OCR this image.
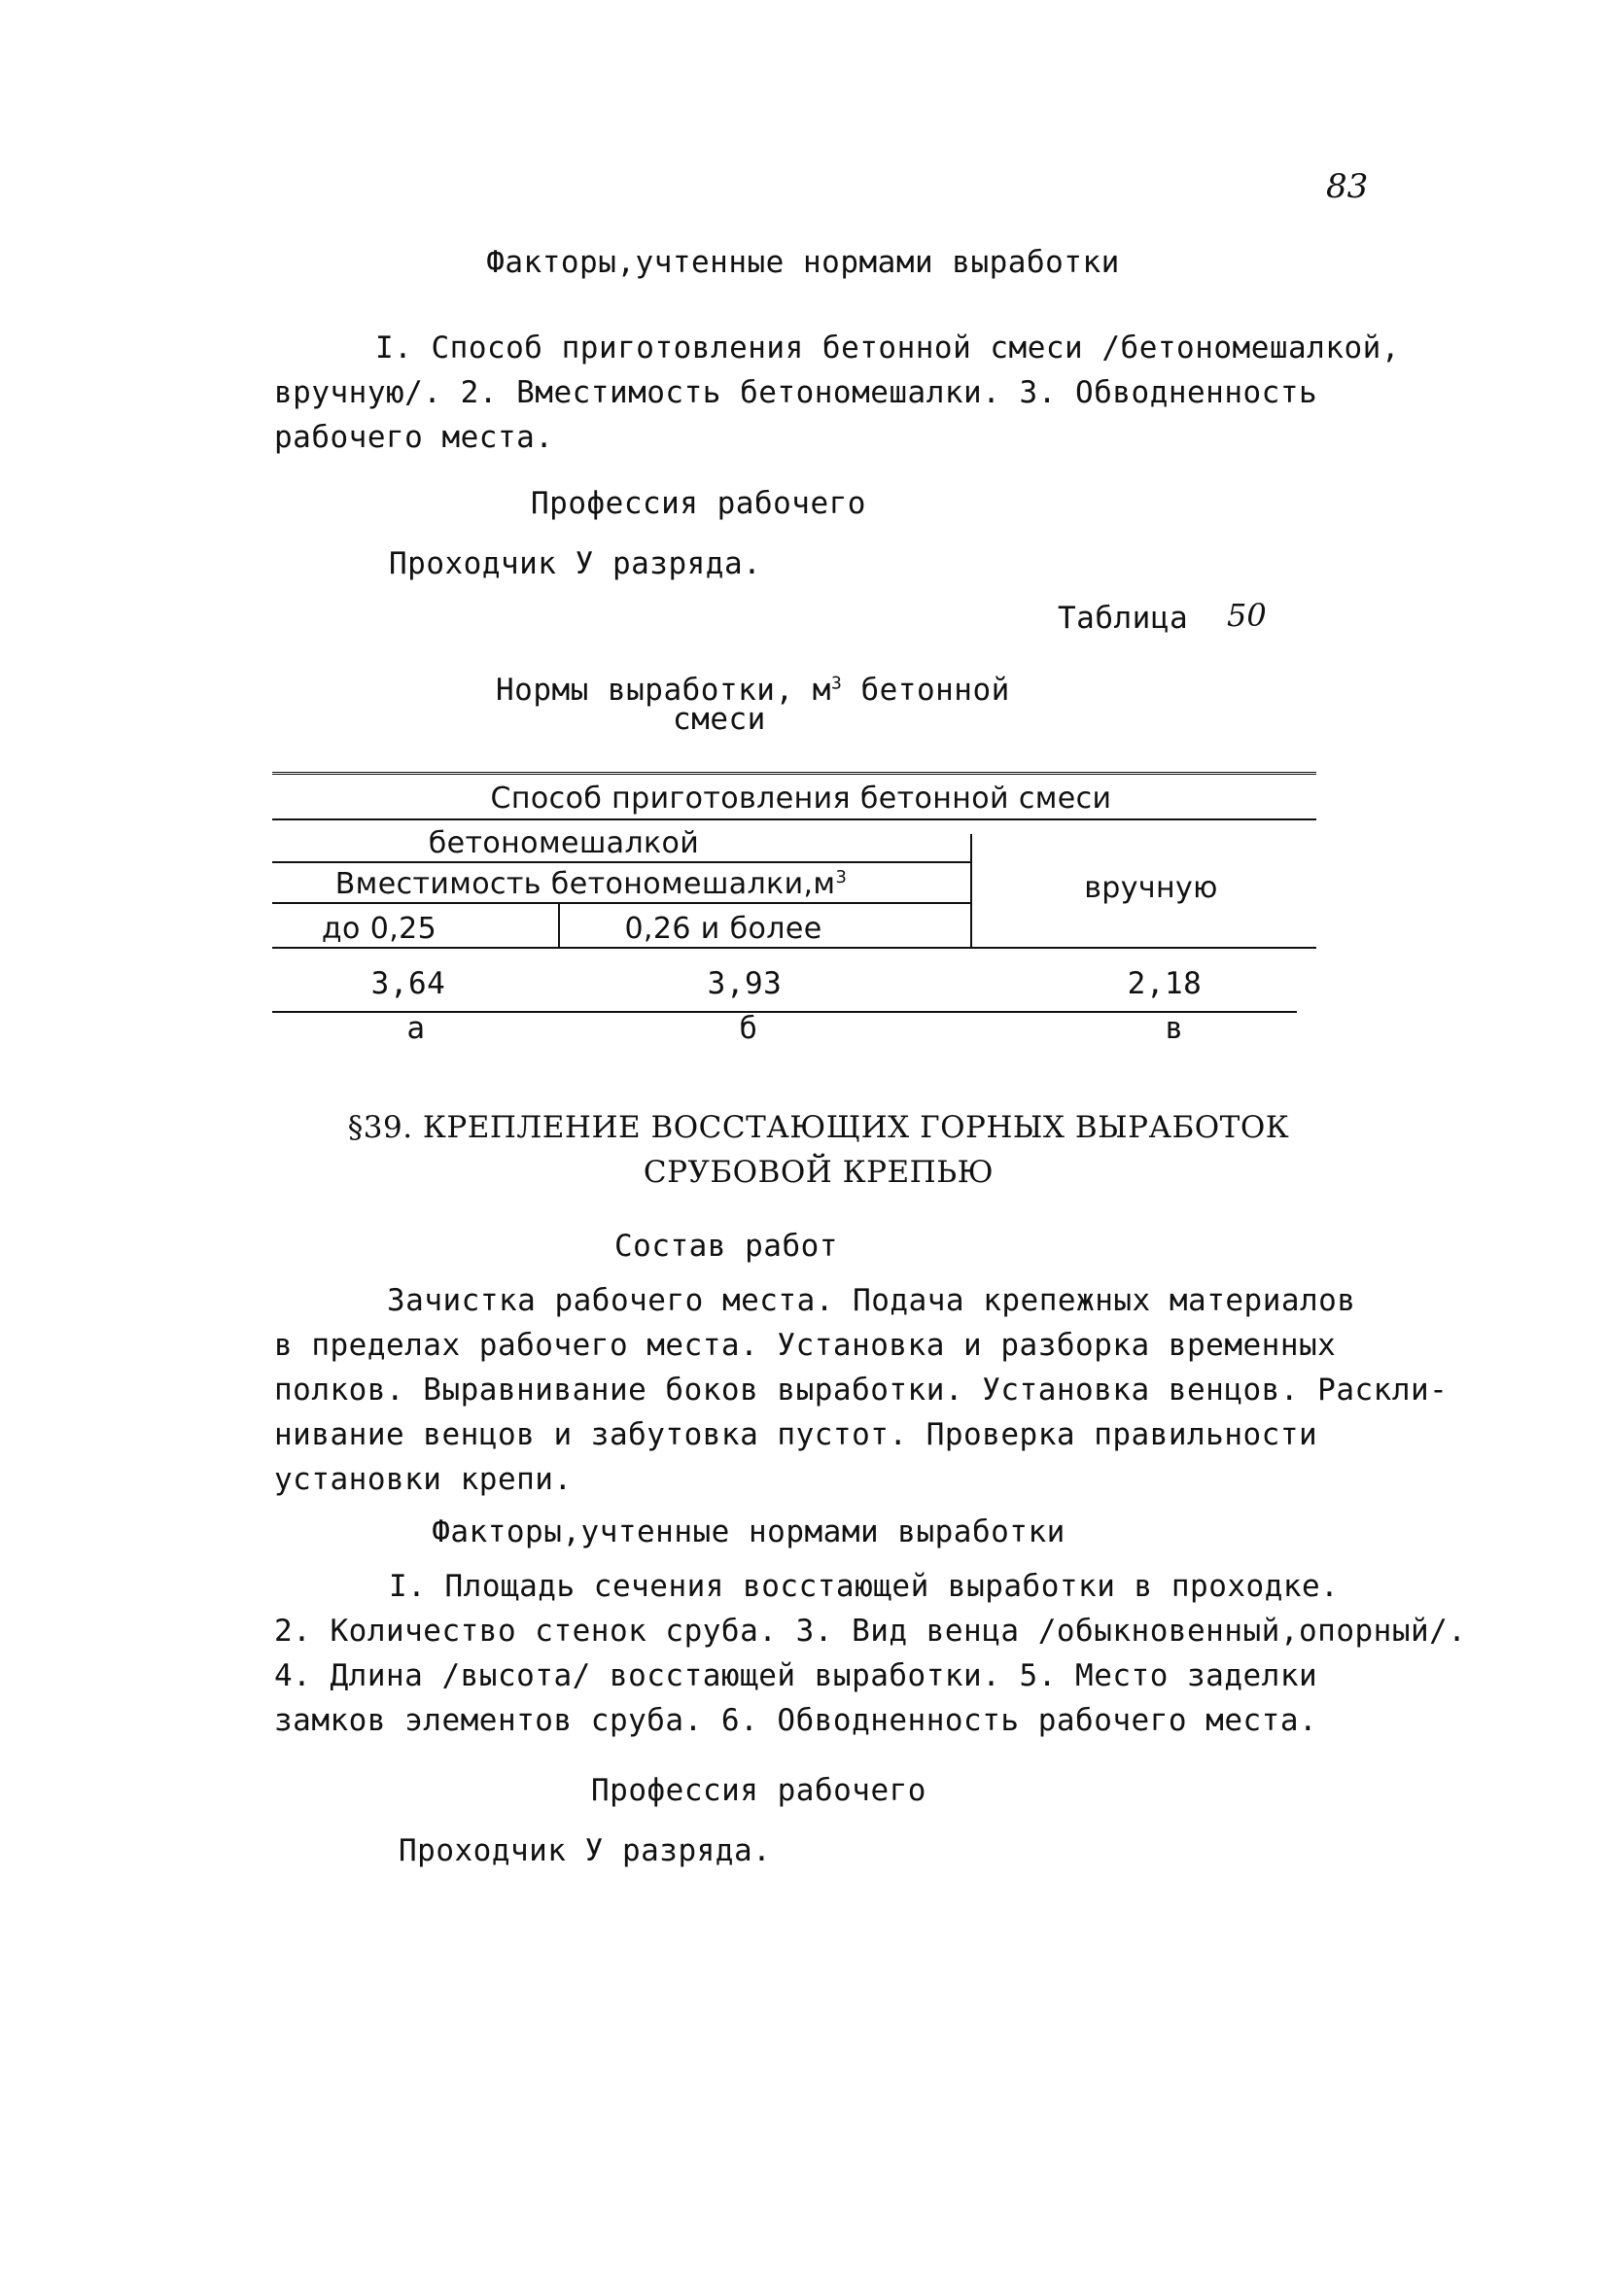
83
Факторы,учтенные нормами выработки
I. Способ приготовления бетонной смеси /бетономешалкой,
вручную/. 2. Вместимость бетономешалки. 3. Обводненность
рабочего места.
Профессия рабочего
Проходчик У разряда.
Таблица 50
Нормы выработки, $м^3$ бетонной
смеси
Способ приготовления бетонной смеси
бетономешалкой
Вместимость $бетономешалки,м^3$	вручную
до 0,25	0,26 и более
3,64	3,93	2,18
а	б	в
§39. КРЕПЛЕНИЕ ВОССТАЮЩИХ ГОРНЫХ ВЫРАБОТОК
СРУБОВОЙ КРЕПЬЮ
Состав работ
Зачистка рабочего места. Подача крепежных материалов
в пределах рабочего места. Установка и разборка временных
полков. Выравнивание боков выработки. Установка венцов. Раскли-
нивание венцов и забутовка пустот. Проверка правильности
установки крепи.
Факторы,учтенные нормами выработки
I. Площадь сечения восстающей выработки в проходке.
2. Количество стенок сруба. 3. Вид венца /обыкновенный,опорный/.
4. Длина /высота/ восстающей выработки. 5. Место заделки
замков элементов сруба. 6. Обводненность рабочего места.
Профессия рабочего
Проходчик У разряда.
